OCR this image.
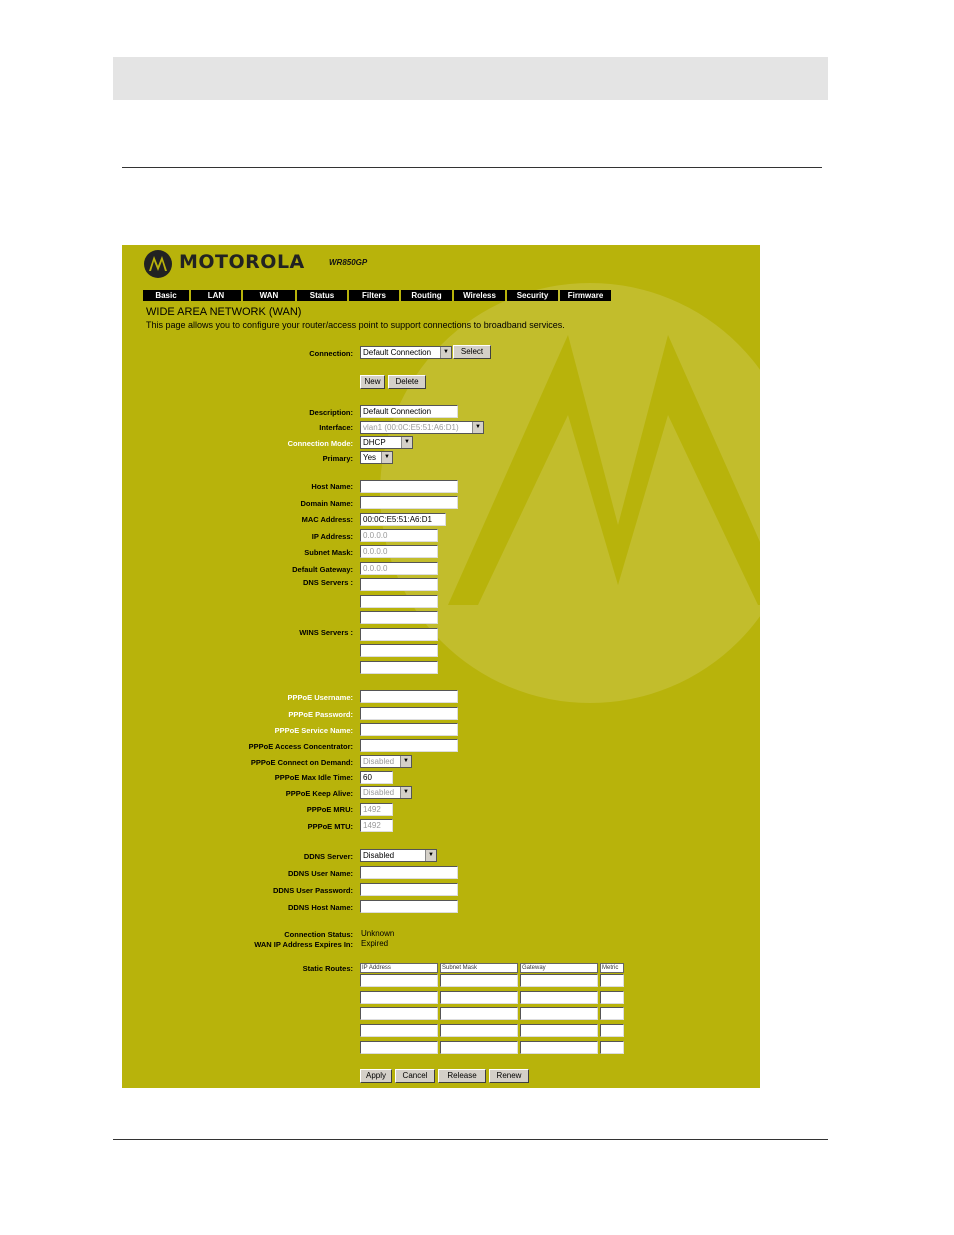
MOTOROLA	WR850GP
Basic	LAN	WAN	Status	Filters	Routing	Wireless	Security	Firmware
WIDE AREA NETWORK (WAN)
This page allows you to configure your router/access point to support connections to broadband services.
Connection:	Default Connection	▼	Select
New	Delete
Description:	Default Connection
Interface:	vlan1 (00:0C:E5:51:A6:D1)	▼
Connection Mode:	DHCP	▼
Primary:	Yes	▼
Host Name:
Domain Name:
MAC Address:	00:0C:E5:51:A6:D1
IP Address:	0.0.0.0
Subnet Mask:	0.0.0.0
Default Gateway:	0.0.0.0
DNS Servers :
WINS Servers :
PPPoE Username:
PPPoE Password:
PPPoE Service Name:
PPPoE Access Concentrator:
PPPoE Connect on Demand:	Disabled	▼
PPPoE Max Idle Time:	60
PPPoE Keep Alive:	Disabled	▼
PPPoE MRU:	1492
PPPoE MTU:	1492
DDNS Server:	Disabled	▼
DDNS User Name:
DDNS User Password:
DDNS Host Name:
Connection Status: Unknown
WAN IP Address Expires In: Expired
Static Routes:	IP Address	Subnet Mask	Gateway	Metric
Apply	Cancel	Release	Renew
